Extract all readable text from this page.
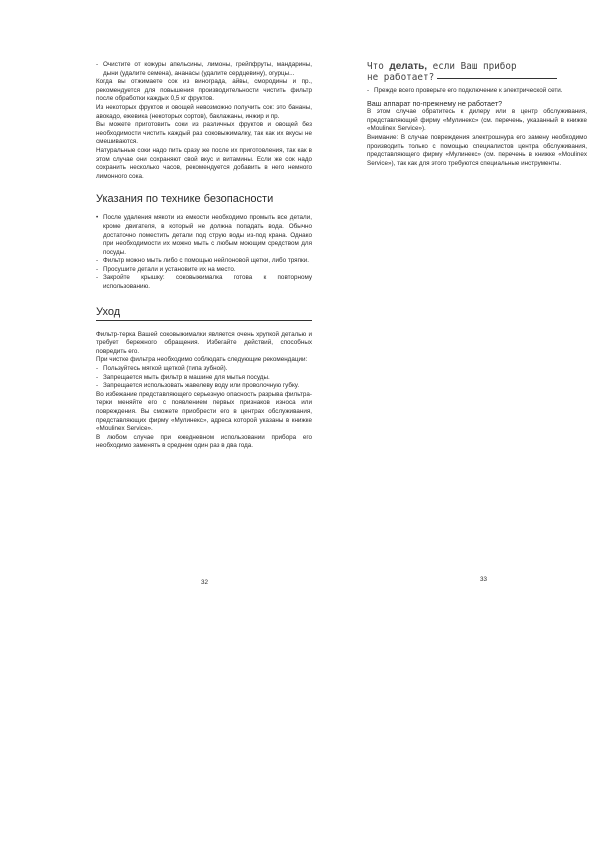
- Очистите от кожуры апельсины, лимоны, грейпфруты, мандарины, дыни (удалите семена), ананасы (удалите сердцевину), огурцы...

Когда вы отжимаете сок из винограда, айвы, смородины и пр., рекомендуется для повышения производительности чистить фильтр после обработки каждых 0,5 кг фруктов.

Из некоторых фруктов и овощей невозможно получить сок: это бананы, авокадо, ежевика (некоторых сортов), баклажаны, инжир и пр.

Вы можете приготовить соки из различных фруктов и овощей без необходимости чистить каждый раз соковыжималку, так как их вкусы не смешиваются.

Натуральные соки надо пить сразу же после их приготовления, так как в этом случае они сохраняют свой вкус и витамины. Если же сок надо сохранить несколько часов, рекомендуется добавить в него немного лимонного сока.

Указания по технике безопасности
• После удаления мякоти из емкости необходимо промыть все детали, кроме двигателя, в который не должна попадать вода. Обычно достаточно поместить детали под струю воды из-под крана. Однако при необходимости их можно мыть с любым моющим средством для посуды.
- Фильтр можно мыть либо с помощью нейлоновой щетки, либо тряпки.
- Просушите детали и установите их на место.
- Закройте крышку: соковыжималка готова к повторному использованию.
Уход

Фильтр-терка Вашей соковыжималки является очень хрупкой деталью и требует бережного обращения. Избегайте действий, способных повредить его.

При чистке фильтра необходимо соблюдать следующие рекомендации:

- Пользуйтесь мягкой щеткой (типа зубной).
- Запрещается мыть фильтр в машине для мытья посуды.
- Запрещается использовать жавелеву воду или проволочную губку.

Во избежание представляющего серьезную опасность разрыва фильтра-терки меняйте его с появлением первых признаков износа или повреждения. Вы сможете приобрести его в центрах обслуживания, представляющих фирму «Мулинекс», адреса которой указаны в книжке «Moulinex Service».

В любом случае при ежедневном использовании прибора его необходимо заменять в среднем один раз в два года.

32
Что делать, если Ваш прибор
не работает?
- Прежде всего проверьте его подключение к электрической сети.

Ваш аппарат по-прежнему не работает?

В этом случае обратитесь к дилеру или в центр обслуживания, представляющий фирму «Мулинекс» (см. перечень, указанный в книжке «Moulinex Service»).

Внимание: В случае повреждения электрошнура его замену необходимо производить только с помощью специалистов центра обслуживания, представляющего фирму «Мулинекс» (см. перечень в книжке «Moulinex Service»), так как для этого требуются специальные инструменты.

33
